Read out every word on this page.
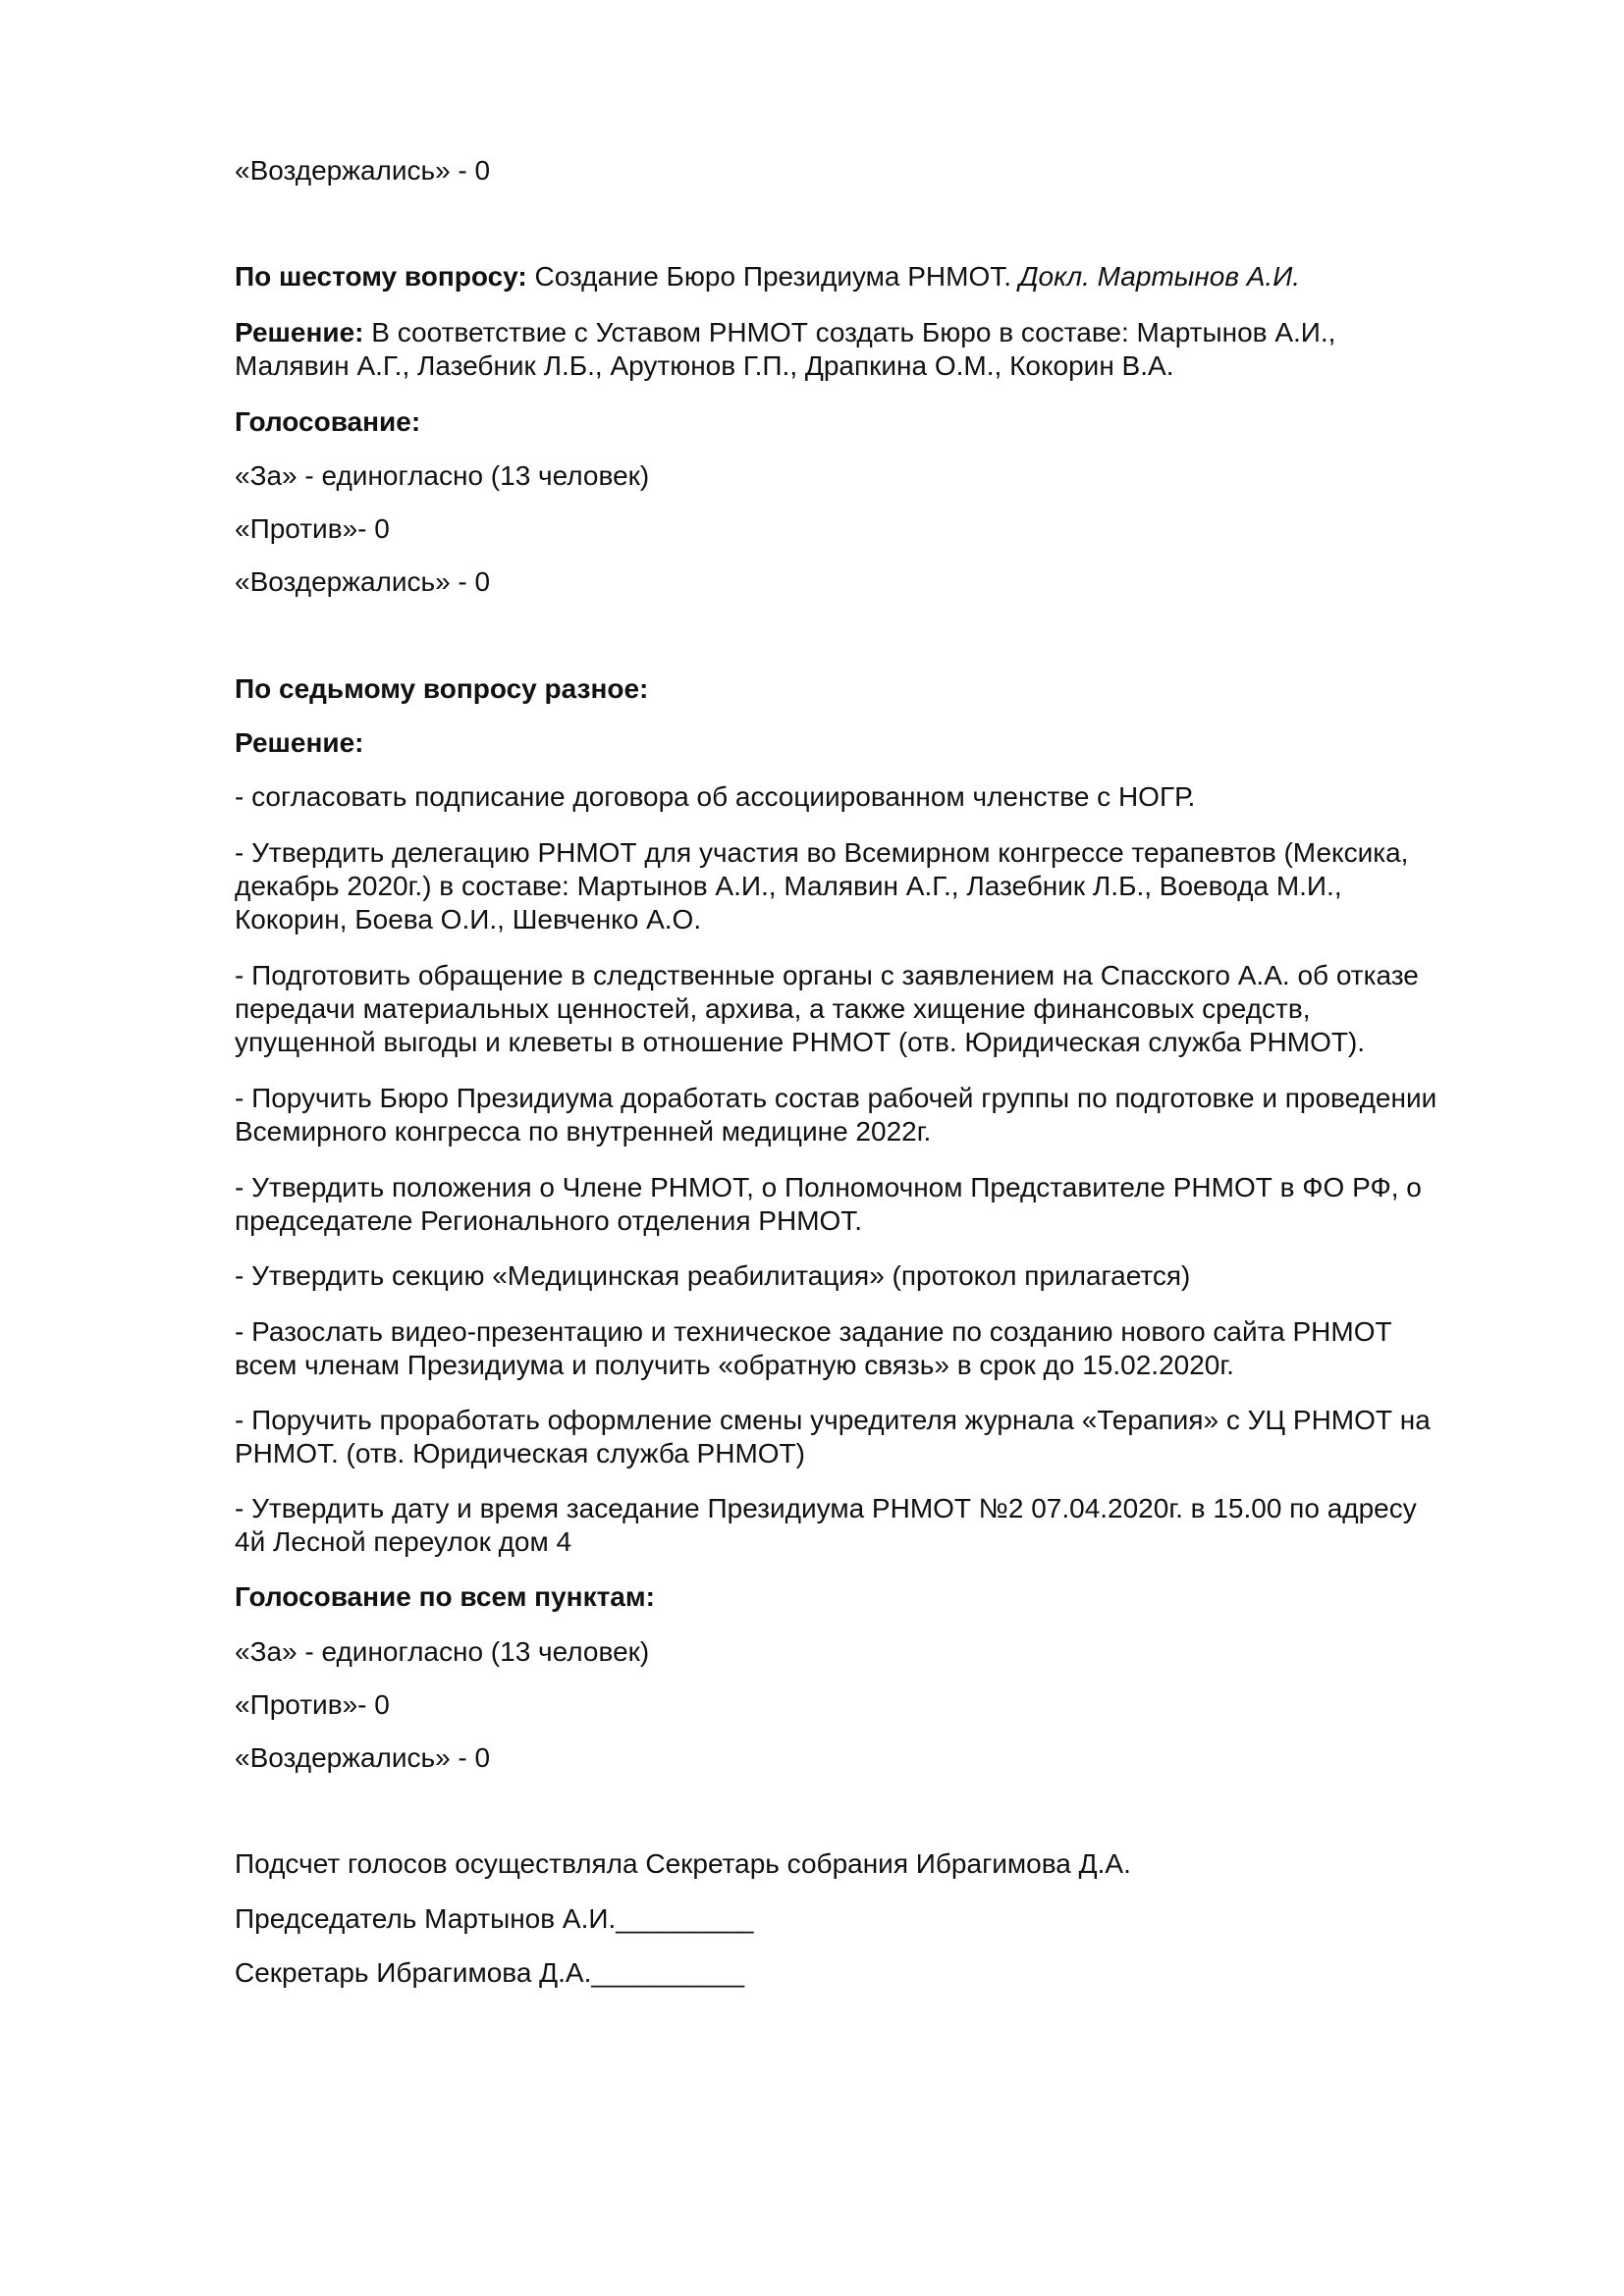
«Воздержались» - 0

По шестому вопросу: Создание Бюро Президиума РНМОТ. Докл. Мартынов А.И.

Решение: В соответствие с Уставом РНМОТ создать Бюро в составе: Мартынов А.И.,

Малявин А.Г., Лазебник Л.Б., Арутюнов Г.П., Драпкина О.М., Кокорин В.А.

Голосование:

«За» - единогласно (13 человек)

«Против»- 0

«Воздержались» - 0

По седьмому вопросу разное:

Решение:

- согласовать подписание договора об ассоциированном членстве с НОГР.

- Утвердить делегацию РНМОТ для участия во Всемирном конгрессе терапевтов (Мексика,

декабрь 2020г.) в составе: Мартынов А.И., Малявин А.Г., Лазебник Л.Б., Воевода М.И.,

Кокорин, Боева О.И., Шевченко А.О.

- Подготовить обращение в следственные органы с заявлением на Спасского А.А. об отказе

передачи материальных ценностей, архива, а также хищение финансовых средств,

упущенной выгоды и клеветы в отношение РНМОТ (отв. Юридическая служба РНМОТ).

- Поручить Бюро Президиума доработать состав рабочей группы по подготовке и проведении

Всемирного конгресса по внутренней медицине 2022г.

- Утвердить положения о Члене РНМОТ, о Полномочном Представителе РНМОТ в ФО РФ, о

председателе Регионального отделения РНМОТ.

- Утвердить секцию «Медицинская реабилитация» (протокол прилагается)

- Разослать видео-презентацию и техническое задание по созданию нового сайта РНМОТ

всем членам Президиума и получить «обратную связь» в срок до 15.02.2020г.

- Поручить проработать оформление смены учредителя журнала «Терапия» с УЦ РНМОТ на

РНМОТ. (отв. Юридическая служба РНМОТ)

- Утвердить дату и время заседание Президиума РНМОТ №2 07.04.2020г. в 15.00 по адресу

4й Лесной переулок дом 4

Голосование по всем пунктам:

«За» - единогласно (13 человек)

«Против»- 0

«Воздержались» - 0

Подсчет голосов осуществляла Секретарь собрания Ибрагимова Д.А.

Председатель Мартынов А.И._________

Секретарь Ибрагимова Д.А.__________
